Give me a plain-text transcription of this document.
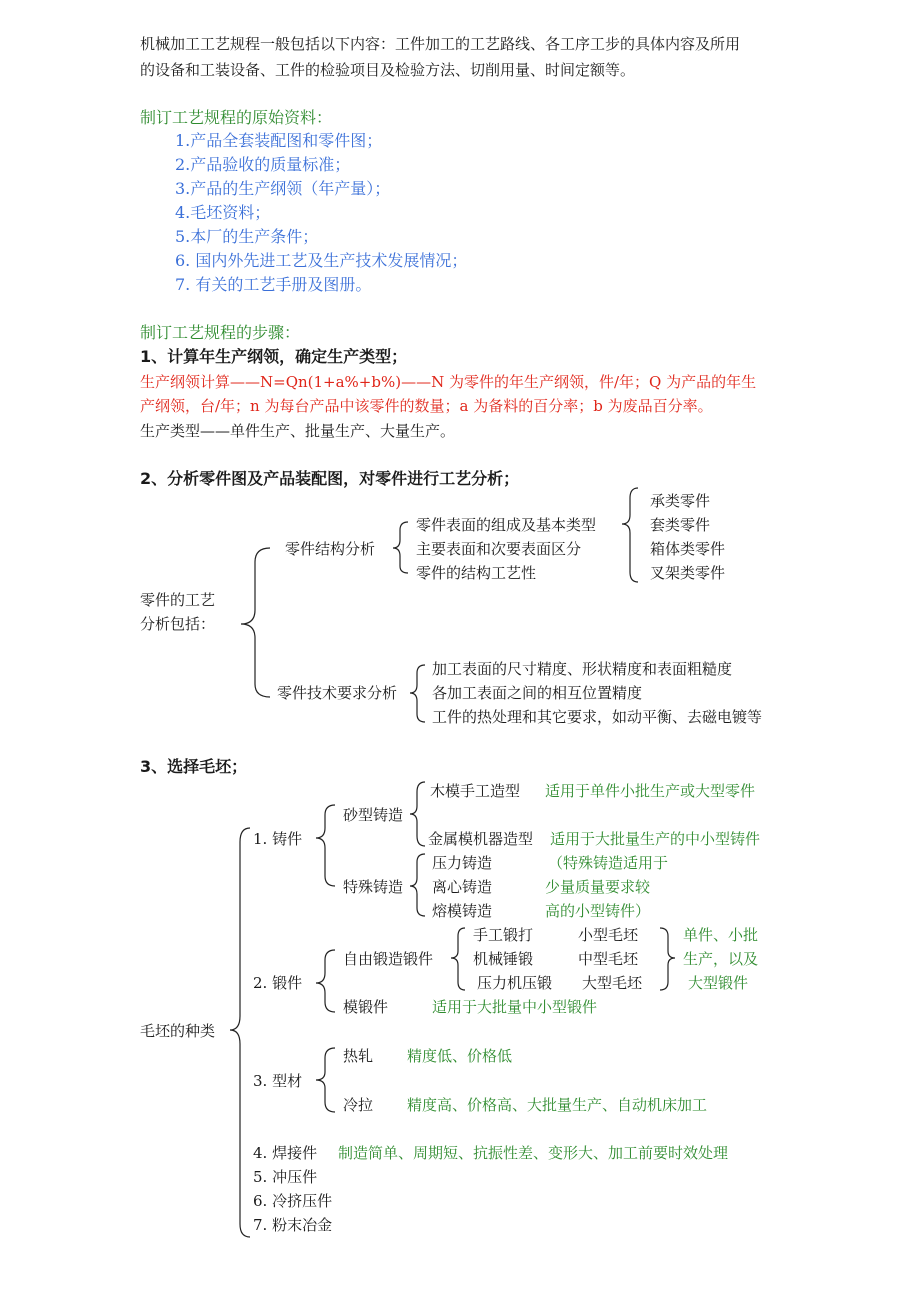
机械加工工艺规程一般包括以下内容：工件加工的工艺路线、各工序工步的具体内容及所用
的设备和工装设备、工件的检验项目及检验方法、切削用量、时间定额等。
制订工艺规程的原始资料：
1.产品全套装配图和零件图；
2.产品验收的质量标准；
3.产品的生产纲领（年产量）；
4.毛坯资料；
5.本厂的生产条件；
6. 国内外先进工艺及生产技术发展情况；
7. 有关的工艺手册及图册。
制订工艺规程的步骤：
1、计算年生产纲领，确定生产类型；
生产纲领计算——N=Qn(1+a%+b%)——N 为零件的年生产纲领，件/年；Q 为产品的年生
产纲领，台/年；n 为每台产品中该零件的数量；a 为备料的百分率；b 为废品百分率。
生产类型——单件生产、批量生产、大量生产。
2、分析零件图及产品装配图，对零件进行工艺分析；
零件的工艺
分析包括：
零件结构分析
零件表面的组成及基本类型
主要表面和次要表面区分
零件的结构工艺性
承类零件
套类零件
箱体类零件
叉架类零件
零件技术要求分析
加工表面的尺寸精度、形状精度和表面粗糙度
各加工表面之间的相互位置精度
工件的热处理和其它要求，如动平衡、去磁电镀等
3、选择毛坯；
毛坯的种类
1. 铸件
砂型铸造
木模手工造型 适用于单件小批生产或大型零件
金属模机器造型 适用于大批量生产的中小型铸件
特殊铸造
压力铸造
离心铸造
熔模铸造
（特殊铸造适用于
少量质量要求较
高的小型铸件）
2. 锻件
自由锻造锻件
手工锻打
机械锤锻
压力机压锻
小型毛坯
中型毛坯
大型毛坯
单件、小批
生产，以及
大型锻件
模锻件	适用于大批量中小型锻件
3. 型材
热轧 精度低、价格低
冷拉 精度高、价格高、大批量生产、自动机床加工
4. 焊接件 制造简单、周期短、抗振性差、变形大、加工前要时效处理
5. 冲压件
6. 冷挤压件
7. 粉末冶金
